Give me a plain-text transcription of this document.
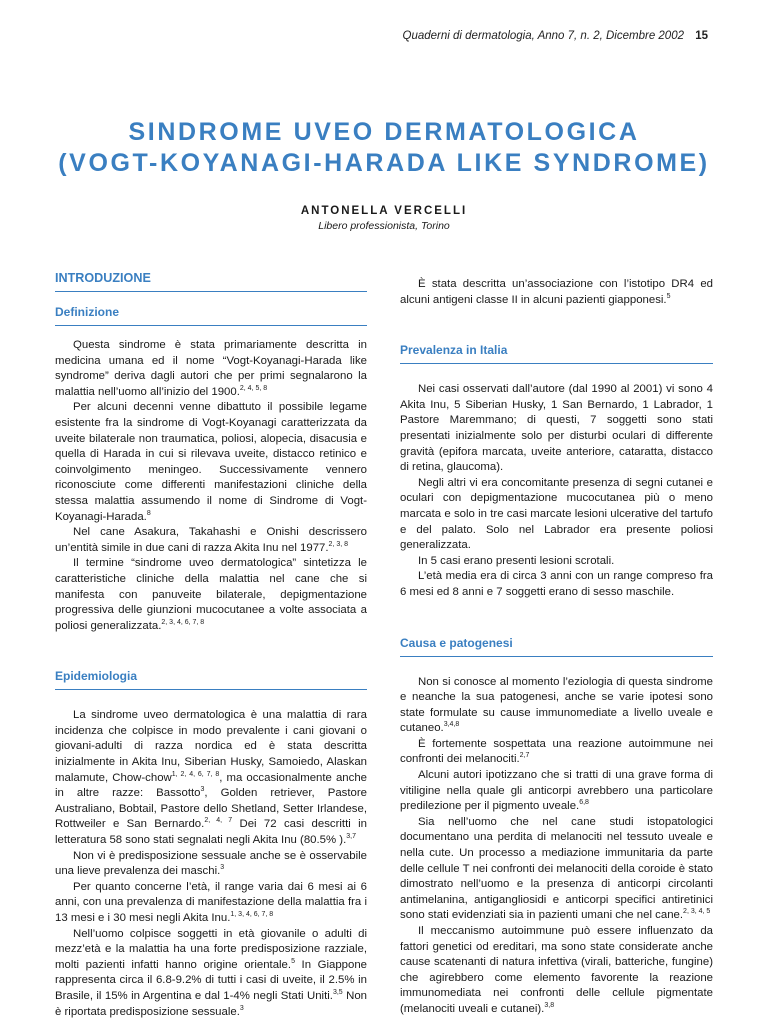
Quaderni di dermatologia, Anno 7, n. 2, Dicembre 2002 15
SINDROME UVEO DERMATOLOGICA
(VOGT-KOYANAGI-HARADA LIKE SYNDROME)
ANTONELLA VERCELLI
Libero professionista, Torino
INTRODUZIONE
Definizione

Questa sindrome è stata primariamente descritta in medicina umana ed il nome “Vogt-Koyanagi-Harada like syndrome” deriva dagli autori che per primi segnalarono la malattia nell’uomo all’inizio del 1900.$^{2, 4, 5, 8}$

Per alcuni decenni venne dibattuto il possibile legame esistente fra la sindrome di Vogt-Koyanagi caratterizzata da uveite bilaterale non traumatica, poliosi, alopecia, disacusia e quella di Harada in cui si rilevava uveite, distacco retinico e coinvolgimento meningeo. Successivamente vennero riconosciute come differenti manifestazioni cliniche della stessa malattia assumendo il nome di Sindrome di Vogt-Koyanagi-Harada.$^8$

Nel cane Asakura, Takahashi e Onishi descrissero un’entità simile in due cani di razza Akita Inu nel 1977.$^{2, 3, 8}$

Il termine “sindrome uveo dermatologica” sintetizza le caratteristiche cliniche della malattia nel cane che si manifesta con panuveite bilaterale, depigmentazione progressiva delle giunzioni mucocutanee a volte associata a poliosi generalizzata.$^{2, 3, 4, 6, 7, 8}$

Epidemiologia

La sindrome uveo dermatologica è una malattia di rara incidenza che colpisce in modo prevalente i cani giovani o giovani-adulti di razza nordica ed è stata descritta inizialmente in Akita Inu, Siberian Husky, Samoiedo, Alaskan malamute, Chow-chow$^{1, 2, 4, 6, 7, 8}$, ma occasionalmente anche in altre razze: Bassotto$^3$, Golden retriever, Pastore Australiano, Bobtail, Pastore dello Shetland, Setter Irlandese, Rottweiler e San Bernardo.$^{2, 4, 7}$ Dei 72 casi descritti in letteratura 58 sono stati segnalati negli Akita Inu (80.5% ).$^{3,7}$

Non vi è predisposizione sessuale anche se è osservabile una lieve prevalenza dei maschi.$^3$

Per quanto concerne l’età, il range varia dai 6 mesi ai 6 anni, con una prevalenza di manifestazione della malattia fra i 13 mesi e i 30 mesi negli Akita Inu.$^{1, 3, 4, 6, 7, 8}$

Nell’uomo colpisce soggetti in età giovanile o adulti di mezz’età e la malattia ha una forte predisposizione razziale, molti pazienti infatti hanno origine orientale.$^5$ In Giappone rappresenta circa il 6.8-9.2% di tutti i casi di uveite, il 2.5% in Brasile, il 15% in Argentina e dal 1-4% negli Stati Uniti.$^{3,5}$ Non è riportata predisposizione sessuale.$^3$

È stata descritta un’associazione con l’istotipo DR4 ed alcuni antigeni classe II in alcuni pazienti giapponesi.$^5$

Prevalenza in Italia

Nei casi osservati dall’autore (dal 1990 al 2001) vi sono 4 Akita Inu, 5 Siberian Husky, 1 San Bernardo, 1 Labrador, 1 Pastore Maremmano; di questi, 7 soggetti sono stati presentati inizialmente solo per disturbi oculari di differente gravità (epifora marcata, uveite anteriore, cataratta, distacco di retina, glaucoma).

Negli altri vi era concomitante presenza di segni cutanei e oculari con depigmentazione mucocutanea più o meno marcata e solo in tre casi marcate lesioni ulcerative del tartufo e del palato. Solo nel Labrador era presente poliosi generalizzata.

In 5 casi erano presenti lesioni scrotali.

L’età media era di circa 3 anni con un range compreso fra 6 mesi ed 8 anni e 7 soggetti erano di sesso maschile.

Causa e patogenesi

Non si conosce al momento l’eziologia di questa sindrome e neanche la sua patogenesi, anche se varie ipotesi sono state formulate su cause immunomediate a livello uveale e cutaneo.$^{3,4,8}$

È fortemente sospettata una reazione autoimmune nei confronti dei melanociti.$^{2,7}$

Alcuni autori ipotizzano che si tratti di una grave forma di vitiligine nella quale gli anticorpi avrebbero una particolare predilezione per il pigmento uveale.$^{6,8}$

Sia nell’uomo che nel cane studi istopatologici documentano una perdita di melanociti nel tessuto uveale e nella cute. Un processo a mediazione immunitaria da parte delle cellule T nei confronti dei melanociti della coroide è stato dimostrato nell’uomo e la presenza di anticorpi circolanti antimelanina, antigangliosidi e anticorpi specifici antiretinici sono stati evidenziati sia in pazienti umani che nel cane.$^{2, 3, 4, 5}$

Il meccanismo autoimmune può essere influenzato da fattori genetici od ereditari, ma sono state considerate anche cause scatenanti di natura infettiva (virali, batteriche, fungine) che agirebbero come elemento favorente la reazione immunomediata nei confronti delle cellule pigmentate (melanociti uveali e cutanei).$^{3,8}$
